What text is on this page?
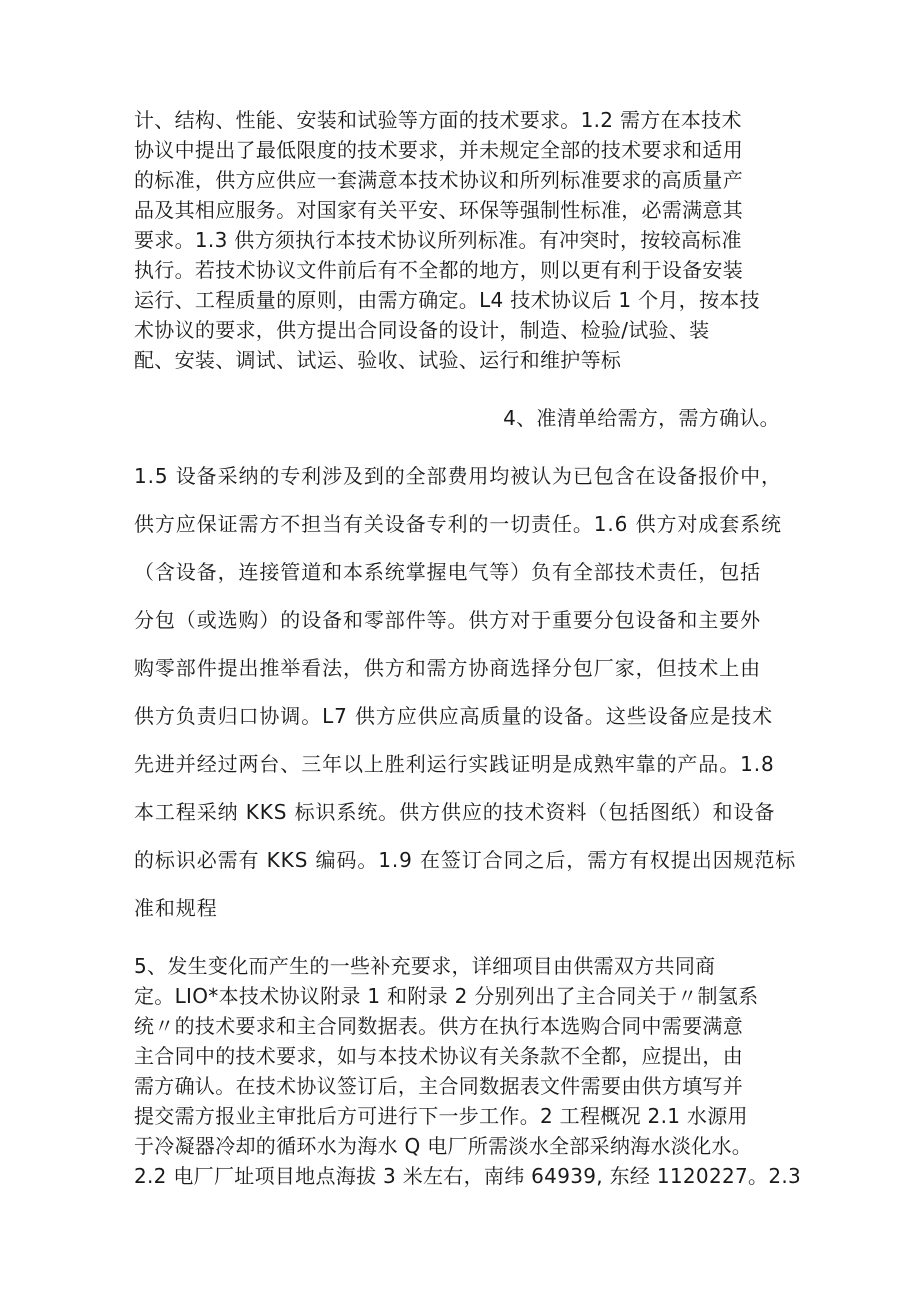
计、结构、性能、安装和试验等方面的技术要求。1.2 需方在本技术
协议中提出了最低限度的技术要求，并未规定全部的技术要求和适用
的标准，供方应供应一套满意本技术协议和所列标准要求的高质量产
品及其相应服务。对国家有关平安、环保等强制性标准，必需满意其
要求。1.3 供方须执行本技术协议所列标准。有冲突时，按较高标准
执行。若技术协议文件前后有不全都的地方，则以更有利于设备安装
运行、工程质量的原则，由需方确定。L4 技术协议后 1 个月，按本技
术协议的要求，供方提出合同设备的设计，制造、检验/试验、装
配、安装、调试、试运、验收、试验、运行和维护等标
4、准清单给需方，需方确认。
1.5 设备采纳的专利涉及到的全部费用均被认为已包含在设备报价中，
供方应保证需方不担当有关设备专利的一切责任。1.6 供方对成套系统
（含设备，连接管道和本系统掌握电气等）负有全部技术责任，包括
分包（或选购）的设备和零部件等。供方对于重要分包设备和主要外
购零部件提出推举看法，供方和需方协商选择分包厂家，但技术上由
供方负责归口协调。L7 供方应供应高质量的设备。这些设备应是技术
先进并经过两台、三年以上胜利运行实践证明是成熟牢靠的产品。1.8
本工程采纳 KKS 标识系统。供方供应的技术资料（包括图纸）和设备
的标识必需有 KKS 编码。1.9 在签订合同之后，需方有权提出因规范标
准和规程
5、发生变化而产生的一些补充要求，详细项目由供需双方共同商
定。LIO*本技术协议附录 1 和附录 2 分别列出了主合同关于〃制氢系
统〃的技术要求和主合同数据表。供方在执行本选购合同中需要满意
主合同中的技术要求，如与本技术协议有关条款不全都，应提出，由
需方确认。在技术协议签订后，主合同数据表文件需要由供方填写并
提交需方报业主审批后方可进行下一步工作。2 工程概况 2.1 水源用
于冷凝器冷却的循环水为海水 Q 电厂所需淡水全部采纳海水淡化水。
2.2 电厂厂址项目地点海拔 3 米左右，南纬 64939, 东经 1120227。2.3
